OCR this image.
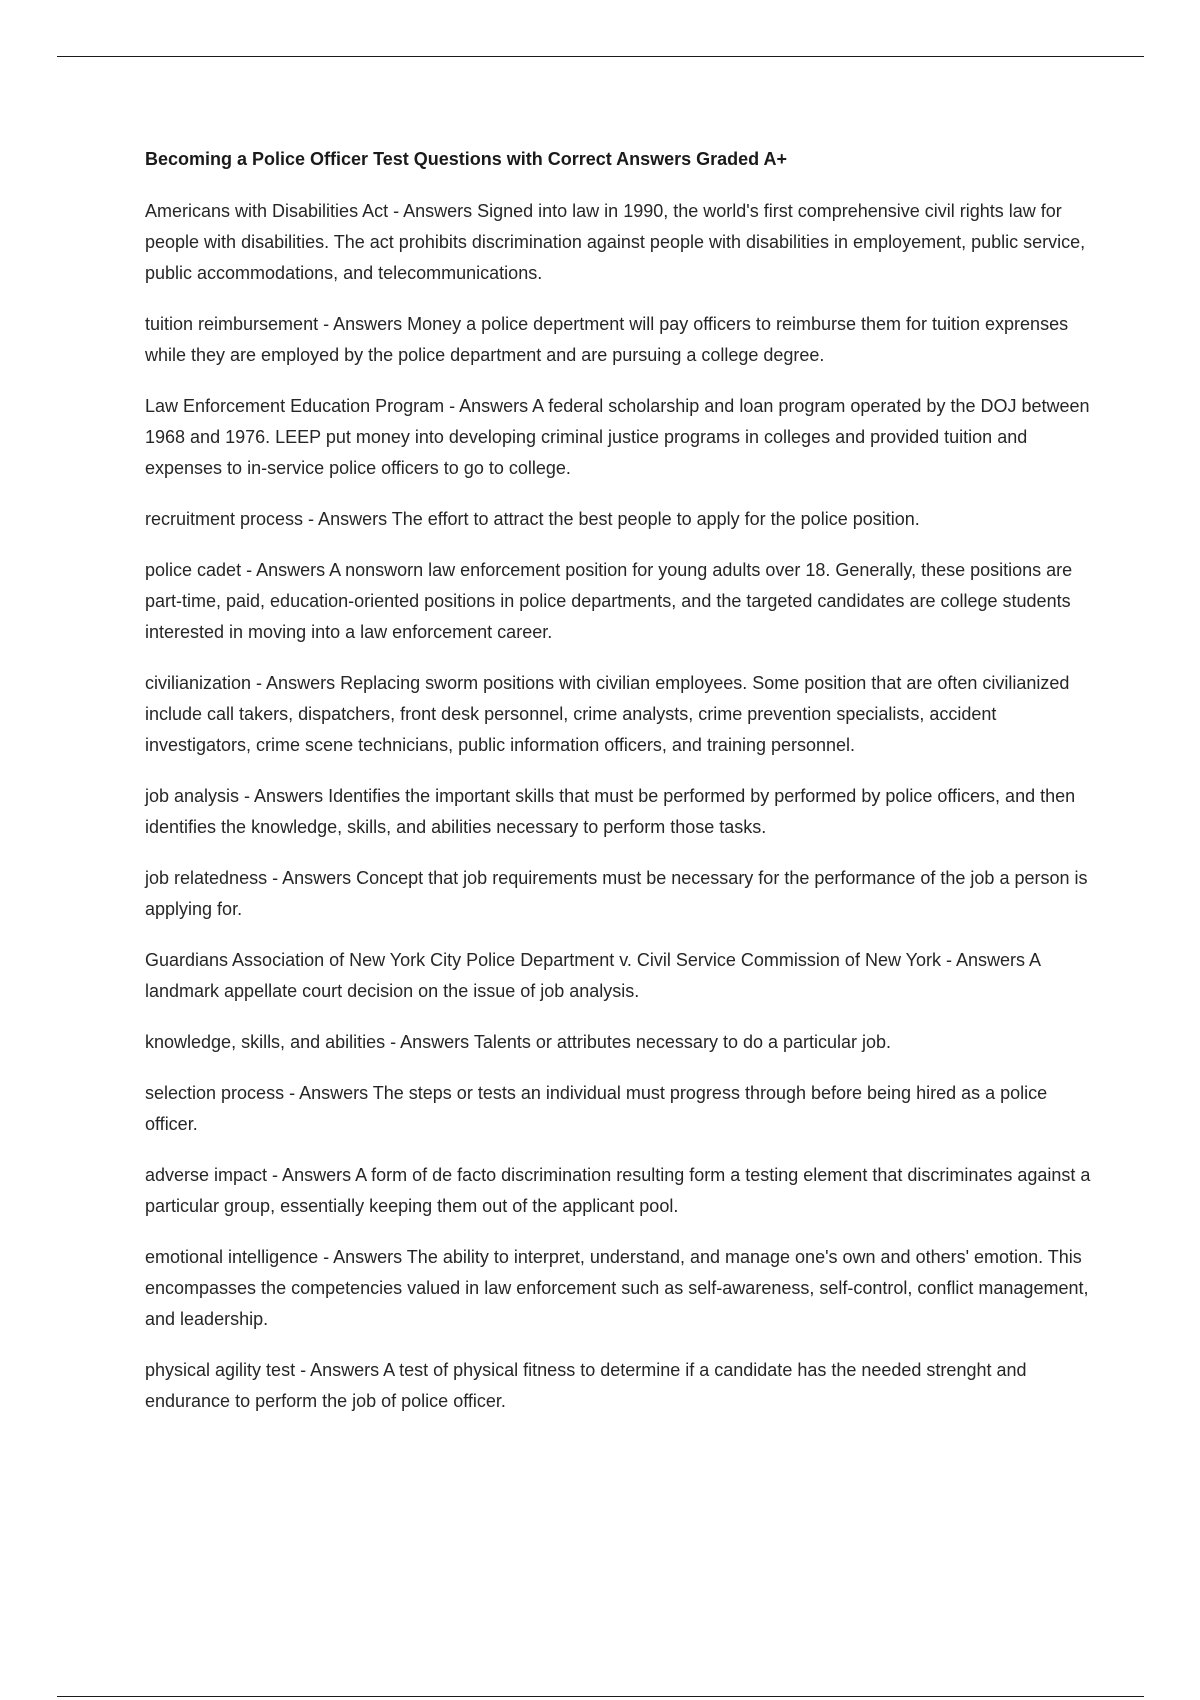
Becoming a Police Officer Test Questions with Correct Answers Graded A+

Americans with Disabilities Act - Answers Signed into law in 1990, the world's first comprehensive civil rights law for people with disabilities. The act prohibits discrimination against people with disabilities in employement, public service, public accommodations, and telecommunications.

tuition reimbursement - Answers Money a police depertment will pay officers to reimburse them for tuition exprenses while they are employed by the police department and are pursuing a college degree.

Law Enforcement Education Program - Answers A federal scholarship and loan program operated by the DOJ between 1968 and 1976. LEEP put money into developing criminal justice programs in colleges and provided tuition and expenses to in-service police officers to go to college.

recruitment process - Answers The effort to attract the best people to apply for the police position.

police cadet - Answers A nonsworn law enforcement position for young adults over 18. Generally, these positions are part-time, paid, education-oriented positions in police departments, and the targeted candidates are college students interested in moving into a law enforcement career.

civilianization - Answers Replacing sworm positions with civilian employees. Some position that are often civilianized include call takers, dispatchers, front desk personnel, crime analysts, crime prevention specialists, accident investigators, crime scene technicians, public information officers, and training personnel.

job analysis - Answers Identifies the important skills that must be performed by performed by police officers, and then identifies the knowledge, skills, and abilities necessary to perform those tasks.

job relatedness - Answers Concept that job requirements must be necessary for the performance of the job a person is applying for.

Guardians Association of New York City Police Department v. Civil Service Commission of New York - Answers A landmark appellate court decision on the issue of job analysis.

knowledge, skills, and abilities - Answers Talents or attributes necessary to do a particular job.

selection process - Answers The steps or tests an individual must progress through before being hired as a police officer.

adverse impact - Answers A form of de facto discrimination resulting form a testing element that discriminates against a particular group, essentially keeping them out of the applicant pool.

emotional intelligence - Answers The ability to interpret, understand, and manage one's own and others' emotion. This encompasses the competencies valued in law enforcement such as self-awareness, self-control, conflict management, and leadership.

physical agility test - Answers A test of physical fitness to determine if a candidate has the needed strenght and endurance to perform the job of police officer.
